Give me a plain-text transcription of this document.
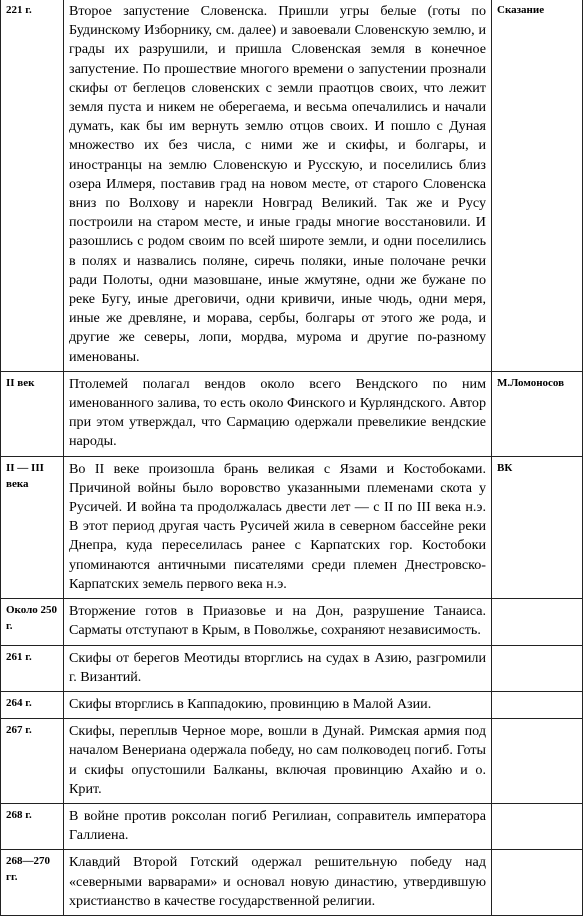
221 г.	Второе запустение Словенска. Пришли угры белые (готы по Будинскому Изборнику, см. далее) и завоевали Словенскую землю, и грады их разрушили, и пришла Словенская земля в конечное запустение. По прошествие многого времени о запустении прознали скифы от беглецов словенских с земли праотцов своих, что лежит земля пуста и никем не оберегаема, и весьма опечалились и начали думать, как бы им вернуть землю отцов своих. И пошло с Дуная множество их без числа, с ними же и скифы, и болгары, и иностранцы на землю Словенскую и Русскую, и поселились близ озера Илмеря, поставив град на новом месте, от старого Словенска вниз по Волхову и нарекли Новград Великий. Так же и Русу построили на старом месте, и иные грады многие восстановили. И разошлись с родом своим по всей широте земли, и одни поселились в полях и назвались поляне, сиречь поляки, иные полочане речки ради Полоты, одни мазовшане, иные жмутяне, одни же бужане по реке Бугу, иные дреговичи, одни кривичи, иные чюдь, одни меря, иные же древляне, и морава, сербы, болгары от этого же рода, и другие же северы, лопи, мордва, мурома и другие по-разному именованы.	Сказание
II век	Птолемей полагал вендов около всего Вендского по ним именованного залива, то есть около Финского и Курляндского. Автор при этом утверждал, что Сармацию одержали превеликие вендские народы.	М.Ломоносов
II — III века	Во II веке произошла брань великая с Язами и Костобоками. Причиной войны было воровство указанными племенами скота у Русичей. И война та продолжалась двести лет — с II по III века н.э. В этот период другая часть Русичей жила в северном бассейне реки Днепра, куда переселилась ранее с Карпатских гор. Костобоки упоминаются античными писателями среди племен Днестровско-Карпатских земель первого века н.э.	ВК
Около 250 г.	Вторжение готов в Приазовье и на Дон, разрушение Танаиса. Сарматы отступают в Крым, в Поволжье, сохраняют независимость.	
261 г.	Скифы от берегов Меотиды вторглись на судах в Азию, разгромили г. Византий.	
264 г.	Скифы вторглись в Каппадокию, провинцию в Малой Азии.	
267 г.	Скифы, переплыв Черное море, вошли в Дунай. Римская армия под началом Венериана одержала победу, но сам полководец погиб. Готы и скифы опустошили Балканы, включая провинцию Ахайю и о. Крит.	
268 г.	В войне против роксолан погиб Регилиан, соправитель императора Галлиена.	
268—270 гг.	Клавдий Второй Готский одержал решительную победу над «северными варварами» и основал новую династию, утвердившую христианство в качестве государственной религии.	
